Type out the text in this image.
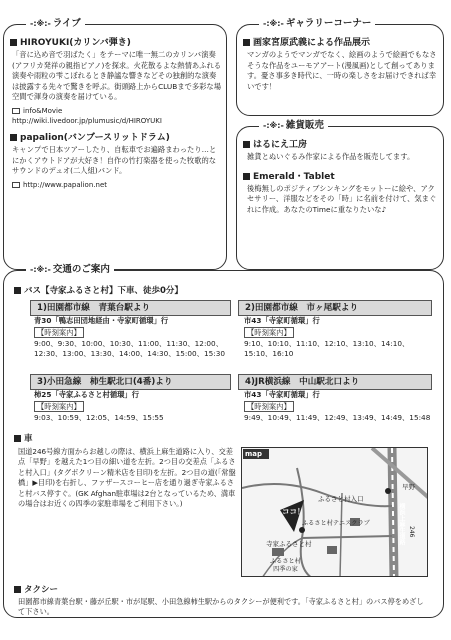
-:※:- ライブ
HIROYUKI(カリンバ弾き)
「音に込め音で羽ばたく」をテーマに唯一無二のカリンバ演奏(アフリカ発祥の親指ピアノ)を探求。火花散るよな熱情あふれる演奏や雨粒の雫こぼれるとき静謐な響きなどその独創的な演奏は披露する先々で驚きを呼ぶ。街頭路上からCLUBまで多彩な場空間で渾身の演奏を届けている。
info&Movie
http://wiki.livedoor.jp/plumusic/d/HIROYUKI
papalion(バンブースリットドラム)
キャンプで日本ツアーしたり、自転車でお遍路まわったり…とにかくアウトドアが大好き！自作の竹打楽器を使った牧歌的なサウンドのデュオ(二人組)バンド。
http://www.papalion.net
-:※:- ギャラリーコーナー
画家宮原武義による作品展示
マンガのようでマンガでなく、絵画のようで絵画でもなさそうな作品をユーモアアート(漫風画)として創ってあります。憂さ事多き時代に、一時の楽しさをお届けできれば幸いです！
-:※:- 雑貨販売
はるにえ工房
雑貨とぬいぐるみ作家による作品を販売してます。
Emerald・Tablet
後梅無しのポジティブシンキングをモットーに絵や、アクセサリー、洋服などをその「時」に名前を付けて、気まぐれに作成。あなたのTimeに重なりたいな♪
-:※:- 交通のご案内
バス【寺家ふるさと村】下車、徒歩0分】
1)田園都市線　青葉台駅より
青30「鴨志田団地経由・寺家町循環」行
【時刻案内】
9:00、9:30、10:00、10:30、11:00、11:30、12:00、12:30、13:00、13:30、14:00、14:30、15:00、15:30
2)田園都市線　市ヶ尾駅より
市43「寺家町循環」行
【時刻案内】
9:10、10:10、11:10、12:10、13:10、14:10、15:10、16:10
3)小田急線　柿生駅北口(4番)より
柿25「寺家ふるさと村循環」行
【時刻案内】
9:03、10:59、12:05、14:59、15:55
4)JR横浜線　中山駅北口より
市43「寺家町循環」行
【時刻案内】
9:49、10:49、11:49、12:49、13:49、14:49、15:48
車
国道246号線方面からお越しの際は、横浜上麻生道路に入り、交差点「早野」を越えた1つ目の細い道を左折。2つ目の交差点「ふるさと村入口」(タグボクリーン精米店を目印)を左折。2つ目の道(「常盤橋」▶目印)を右折し、ファザースコーヒー店を通り過ぎ寺家ふるさと村バス停すぐ。(GK Afghan駐車場は2台となっているため、満車の場合はお近くの四季の家駐車場をご利用下さい。)
map
ココ！
ふるさと村入口
早野
寺家ふるさと村
ふるさと村
四季の家
ふるさと村テニスクラブ	横浜上麻生道路 246
タクシー
田園都市線青葉台駅・藤が丘駅・市が尾駅、小田急線柿生駅からのタクシーが便利です。「寺家ふるさと村」のバス停をめざして下さい。
